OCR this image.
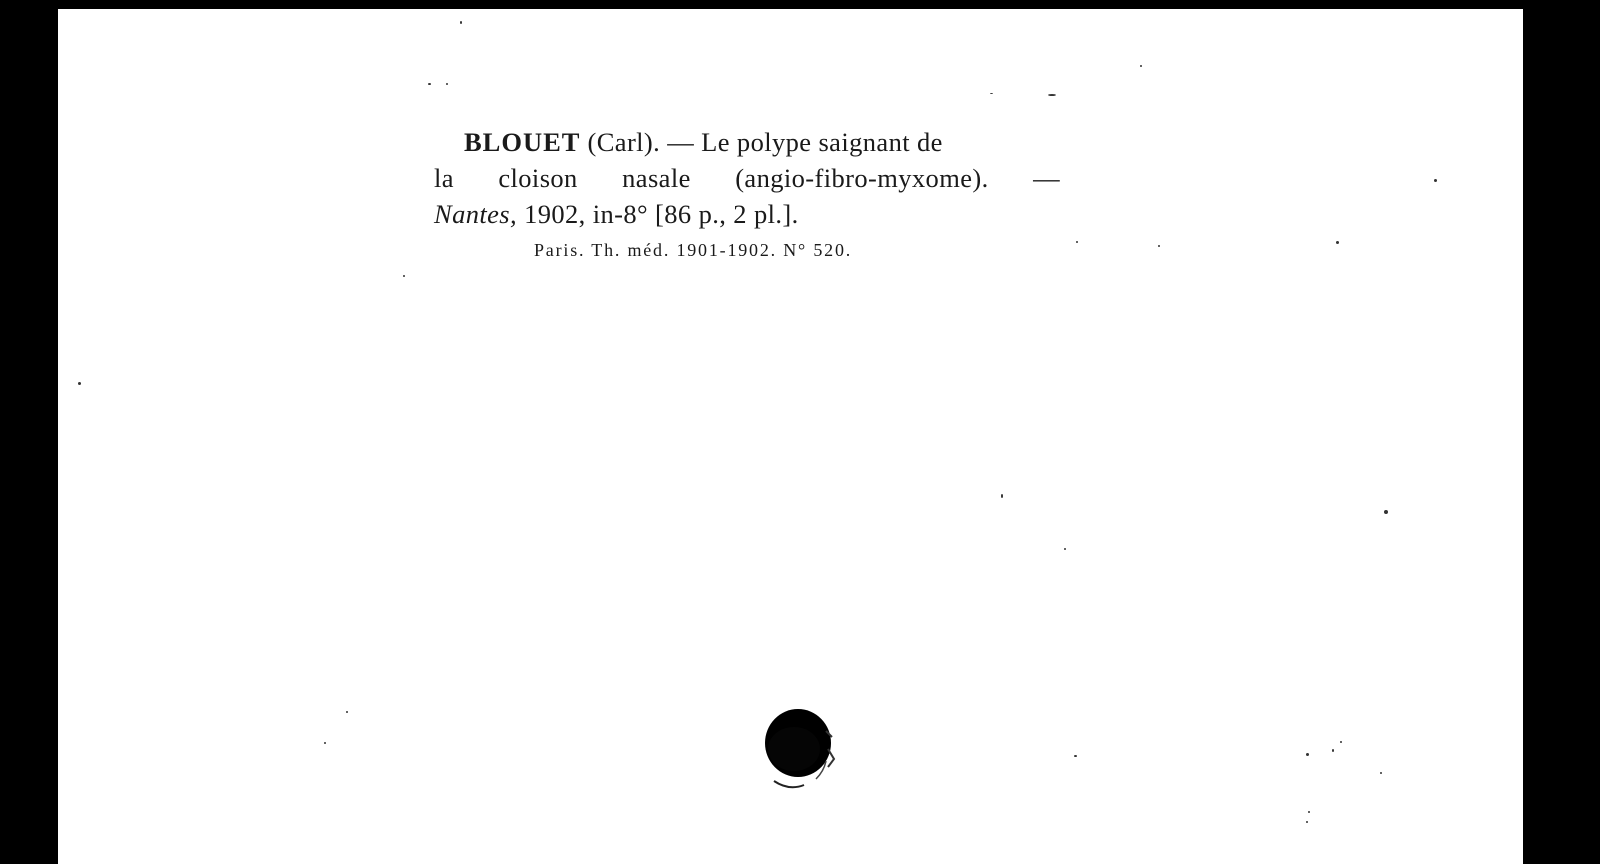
BLOUET (Carl). — Le polype saignant de
la cloison nasale (angio-fibro-myxome). —
Nantes, 1902, in-8° [86 p., 2 pl.].
Paris. Th. méd. 1901-1902. N° 520.
